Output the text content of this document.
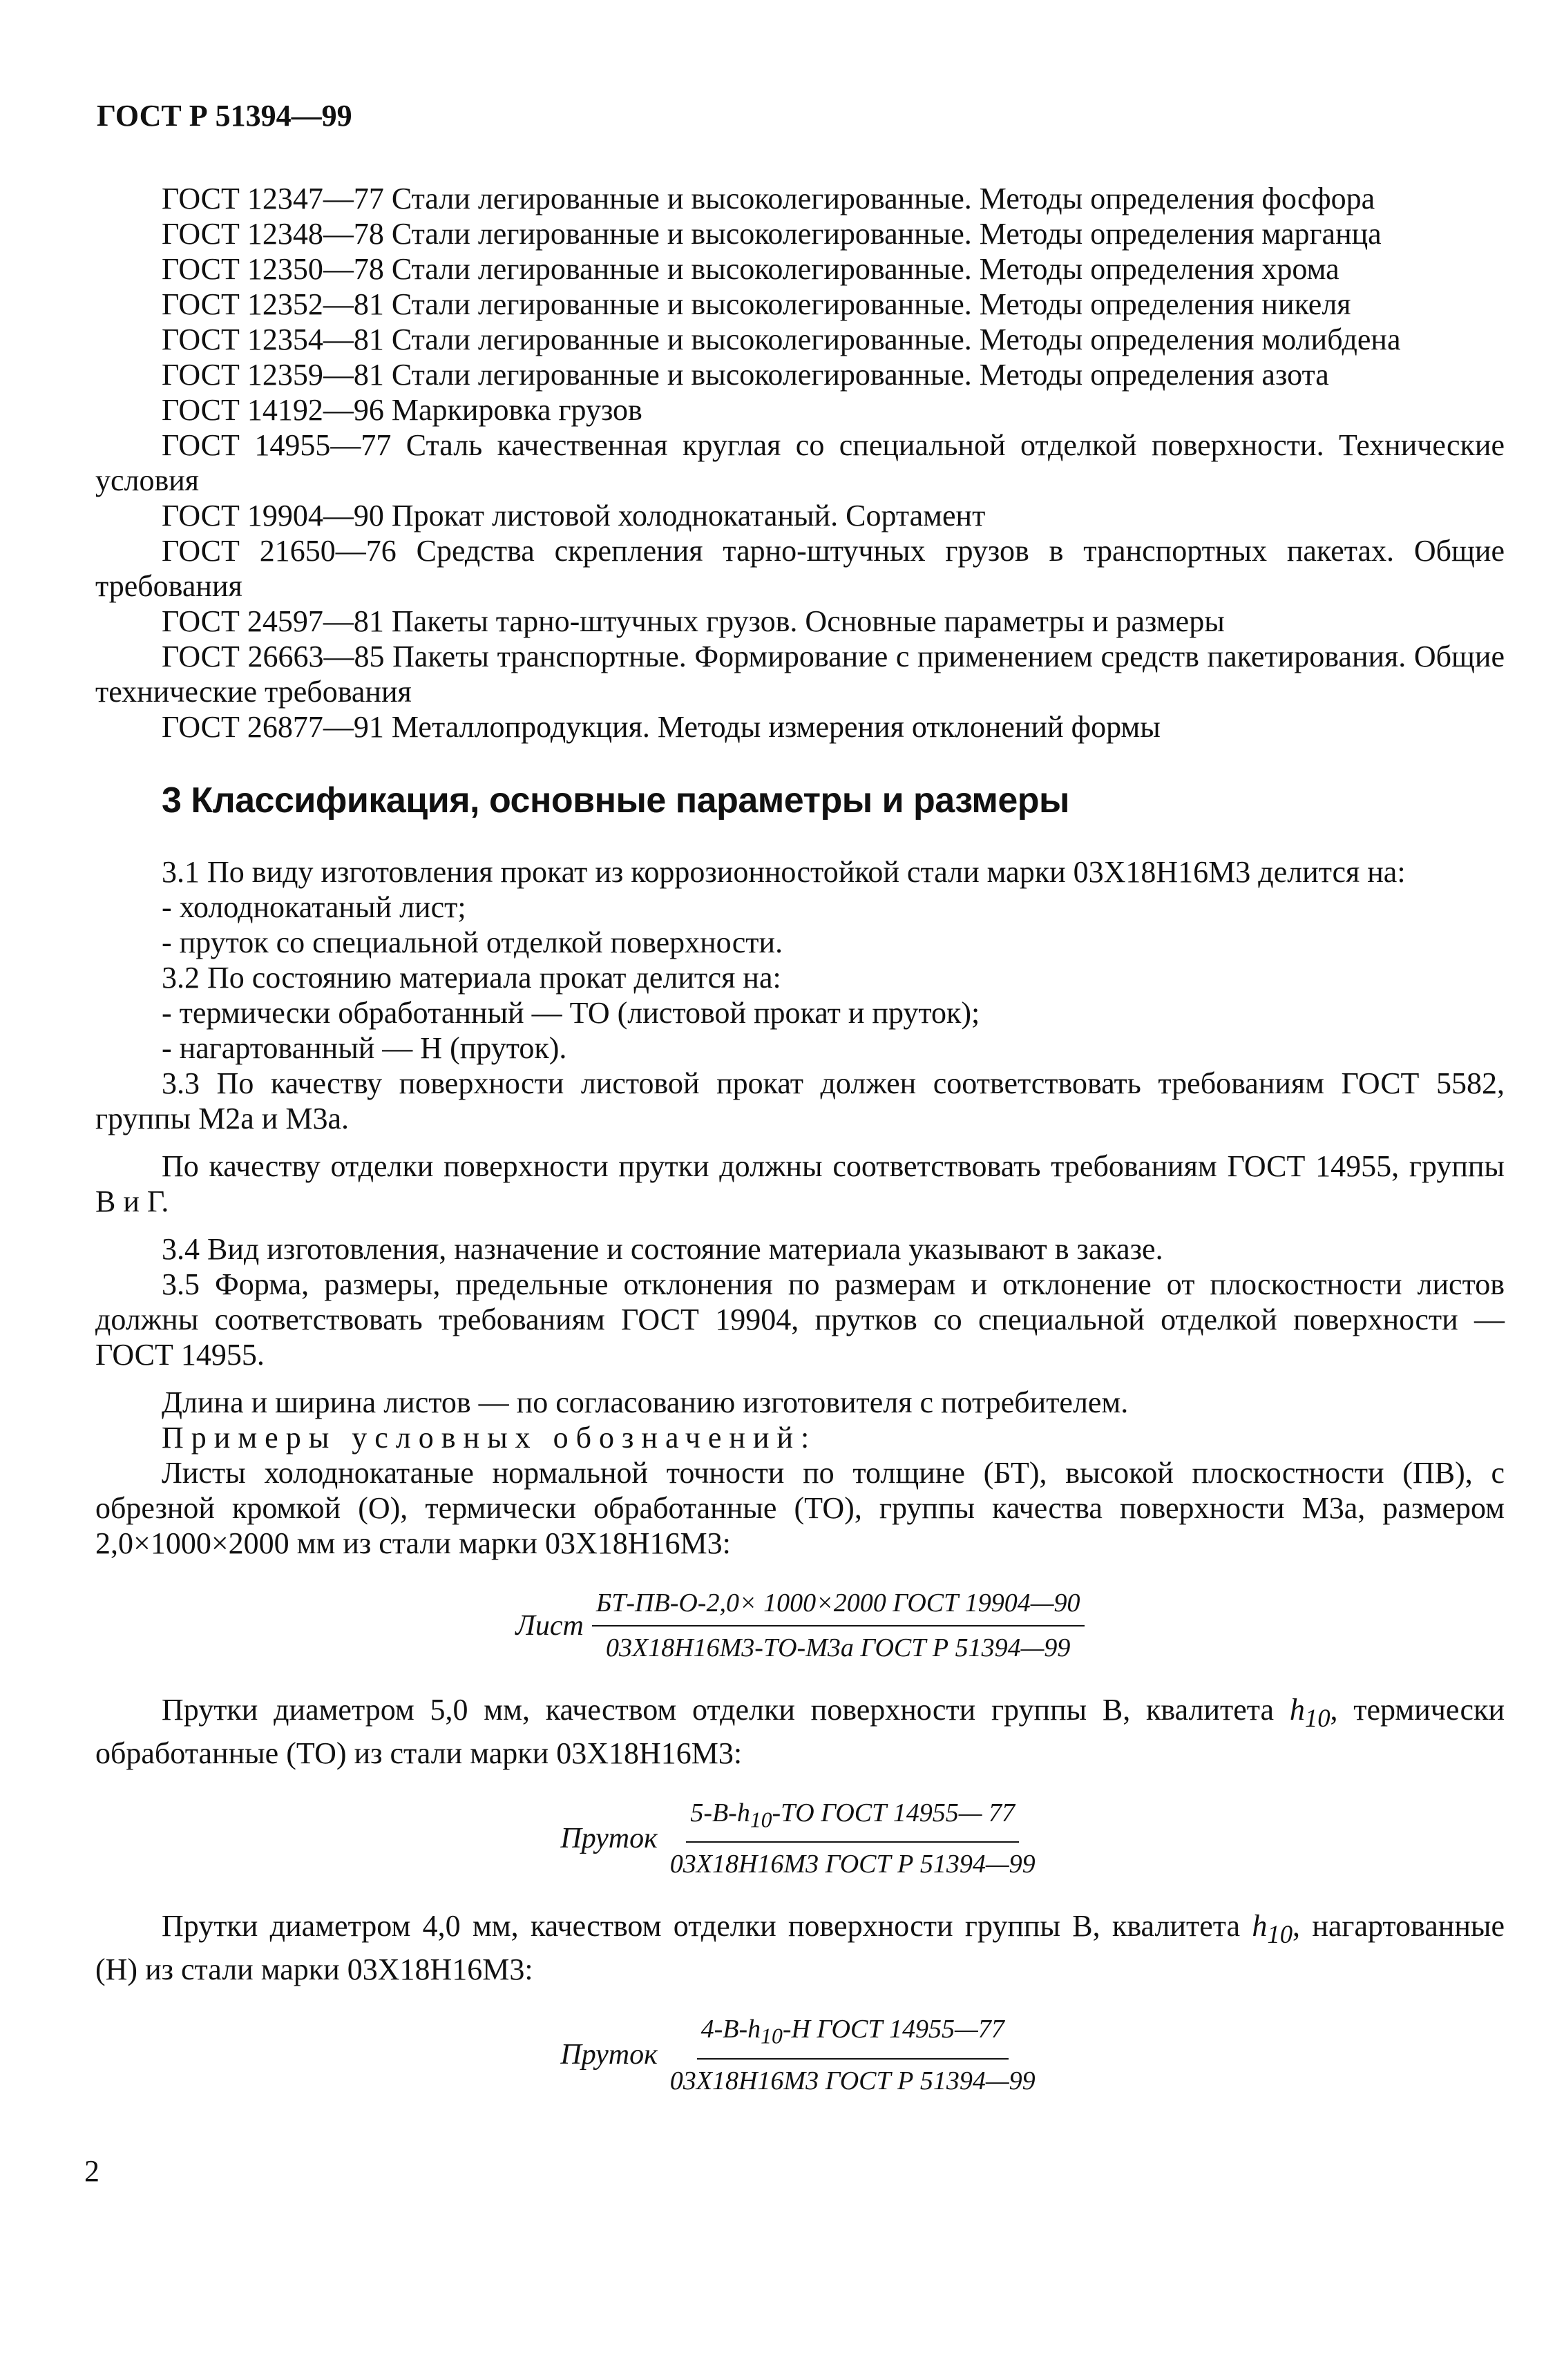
ГОСТ Р 51394—99

ГОСТ 12347—77 Стали легированные и высоколегированные. Методы определения фосфора

ГОСТ 12348—78 Стали легированные и высоколегированные. Методы определения марганца

ГОСТ 12350—78 Стали легированные и высоколегированные. Методы определения хрома

ГОСТ 12352—81 Стали легированные и высоколегированные. Методы определения никеля

ГОСТ 12354—81 Стали легированные и высоколегированные. Методы определения молибдена

ГОСТ 12359—81 Стали легированные и высоколегированные. Методы определения азота

ГОСТ 14192—96 Маркировка грузов

ГОСТ 14955—77 Сталь качественная круглая со специальной отделкой поверхности. Технические условия

ГОСТ 19904—90 Прокат листовой холоднокатаный. Сортамент

ГОСТ 21650—76 Средства скрепления тарно-штучных грузов в транспортных пакетах. Общие требования

ГОСТ 24597—81 Пакеты тарно-штучных грузов. Основные параметры и размеры

ГОСТ 26663—85 Пакеты транспортные. Формирование с применением средств пакетирования. Общие технические требования

ГОСТ 26877—91 Металлопродукция. Методы измерения отклонений формы

3 Классификация, основные параметры и размеры

3.1 По виду изготовления прокат из коррозионностойкой стали марки 03Х18Н16М3 делится на:

- холоднокатаный лист;

- пруток со специальной отделкой поверхности.

3.2 По состоянию материала прокат делится на:

- термически обработанный — ТО (листовой прокат и пруток);

- нагартованный — Н (пруток).

3.3 По качеству поверхности листовой прокат должен соответствовать требованиям ГОСТ 5582, группы М2а и М3а.

По качеству отделки поверхности прутки должны соответствовать требованиям ГОСТ 14955, группы В и Г.

3.4 Вид изготовления, назначение и состояние материала указывают в заказе.

3.5 Форма, размеры, предельные отклонения по размерам и отклонение от плоскостности листов должны соответствовать требованиям ГОСТ 19904, прутков со специальной отделкой поверхности — ГОСТ 14955.

Длина и ширина листов — по согласованию изготовителя с потребителем.

Примеры условных обозначений:

Листы холоднокатаные нормальной точности по толщине (БТ), высокой плоскостности (ПВ), с обрезной кромкой (О), термически обработанные (ТО), группы качества поверхности М3а, размером 2,0×1000×2000 мм из стали марки 03Х18Н16М3:

Лист $\frac{\text{БТ-ПВ-О-2,0× 1000×2000 ГОСТ 19904—90}}{\text{03Х18Н16М3-ТО-М3а ГОСТ Р 51394—99}}$

Прутки диаметром 5,0 мм, качеством отделки поверхности группы В, квалитета $h_{10}$, термически обработанные (ТО) из стали марки 03Х18Н16М3:

Пруток $\frac{5-В-h_{10}-ТО ГОСТ 14955— 77}{\text{03Х18Н16М3 ГОСТ Р 51394—99}}$

Прутки диаметром 4,0 мм, качеством отделки поверхности группы В, квалитета $h_{10}$, нагартованные (Н) из стали марки 03Х18Н16М3:

Пруток $\frac{4-В-h_{10}-Н ГОСТ 14955—77}{\text{03Х18Н16М3 ГОСТ Р 51394—99}}$
2
